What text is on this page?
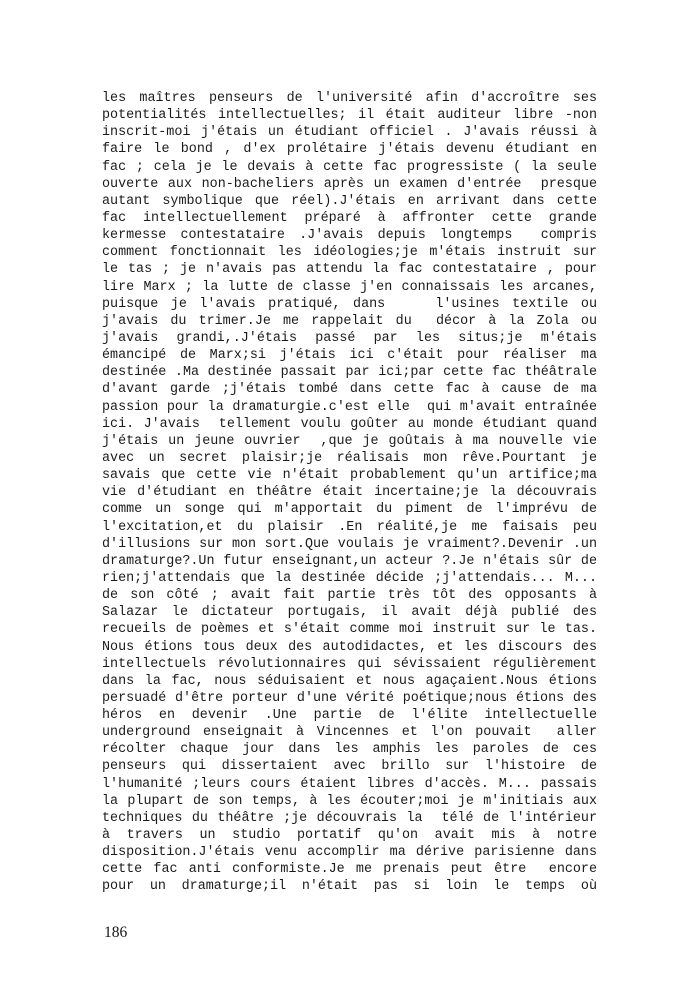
les maîtres penseurs de l'université afin d'accroître ses
potentialités intellectuelles; il était auditeur libre -non
inscrit-moi j'étais un étudiant officiel . J'avais réussi à
faire le bond , d'ex prolétaire j'étais devenu étudiant en
fac ; cela je le devais à cette fac progressiste ( la seule
ouverte aux non-bacheliers après un examen d'entrée  presque
autant symbolique que réel).J'étais en arrivant dans cette
fac intellectuellement préparé à affronter cette grande
kermesse contestataire .J'avais depuis longtemps  compris
comment fonctionnait les idéologies;je m'étais instruit sur
le tas ; je n'avais pas attendu la fac contestataire , pour
lire Marx ; la lutte de classe j'en connaissais les arcanes,
puisque je l'avais pratiqué, dans    l'usines textile ou
j'avais du trimer.Je me rappelait du  décor à la Zola ou
j'avais grandi,.J'étais passé par les situs;je m'étais
émancipé de Marx;si j'étais ici c'était pour réaliser ma
destinée .Ma destinée passait par ici;par cette fac théâtrale
d'avant garde ;j'étais tombé dans cette fac à cause de ma
passion pour la dramaturgie.c'est elle  qui m'avait entraînée
ici. J'avais  tellement voulu goûter au monde étudiant quand
j'étais un jeune ouvrier  ,que je goûtais à ma nouvelle vie
avec un secret plaisir;je réalisais mon rêve.Pourtant je
savais que cette vie n'était probablement qu'un artifice;ma
vie d'étudiant en théâtre était incertaine;je la découvrais
comme un songe qui m'apportait du piment de l'imprévu de
l'excitation,et du plaisir .En réalité,je me faisais peu
d'illusions sur mon sort.Que voulais je vraiment?.Devenir .un
dramaturge?.Un futur enseignant,un acteur ?.Je n'étais sûr de
rien;j'attendais que la destinée décide ;j'attendais... M...
de son côté ; avait fait partie très tôt des opposants à
Salazar le dictateur portugais, il avait déjà publié des
recueils de poèmes et s'était comme moi instruit sur le tas.
Nous étions tous deux des autodidactes, et les discours des
intellectuels révolutionnaires qui sévissaient régulièrement
dans la fac, nous séduisaient et nous agaçaient.Nous étions
persuadé d'être porteur d'une vérité poétique;nous étions des
héros en devenir .Une partie de l'élite intellectuelle
underground enseignait à Vincennes et l'on pouvait  aller
récolter chaque jour dans les amphis les paroles de ces
penseurs qui dissertaient avec brillo sur l'histoire de
l'humanité ;leurs cours étaient libres d'accès. M... passais
la plupart de son temps, à les écouter;moi je m'initiais aux
techniques du théâtre ;je découvrais la  télé de l'intérieur
à travers un studio portatif qu'on avait mis à notre
disposition.J'étais venu accomplir ma dérive parisienne dans
cette fac anti conformiste.Je me prenais peut être  encore
pour un dramaturge;il n'était pas si loin le temps où
186
